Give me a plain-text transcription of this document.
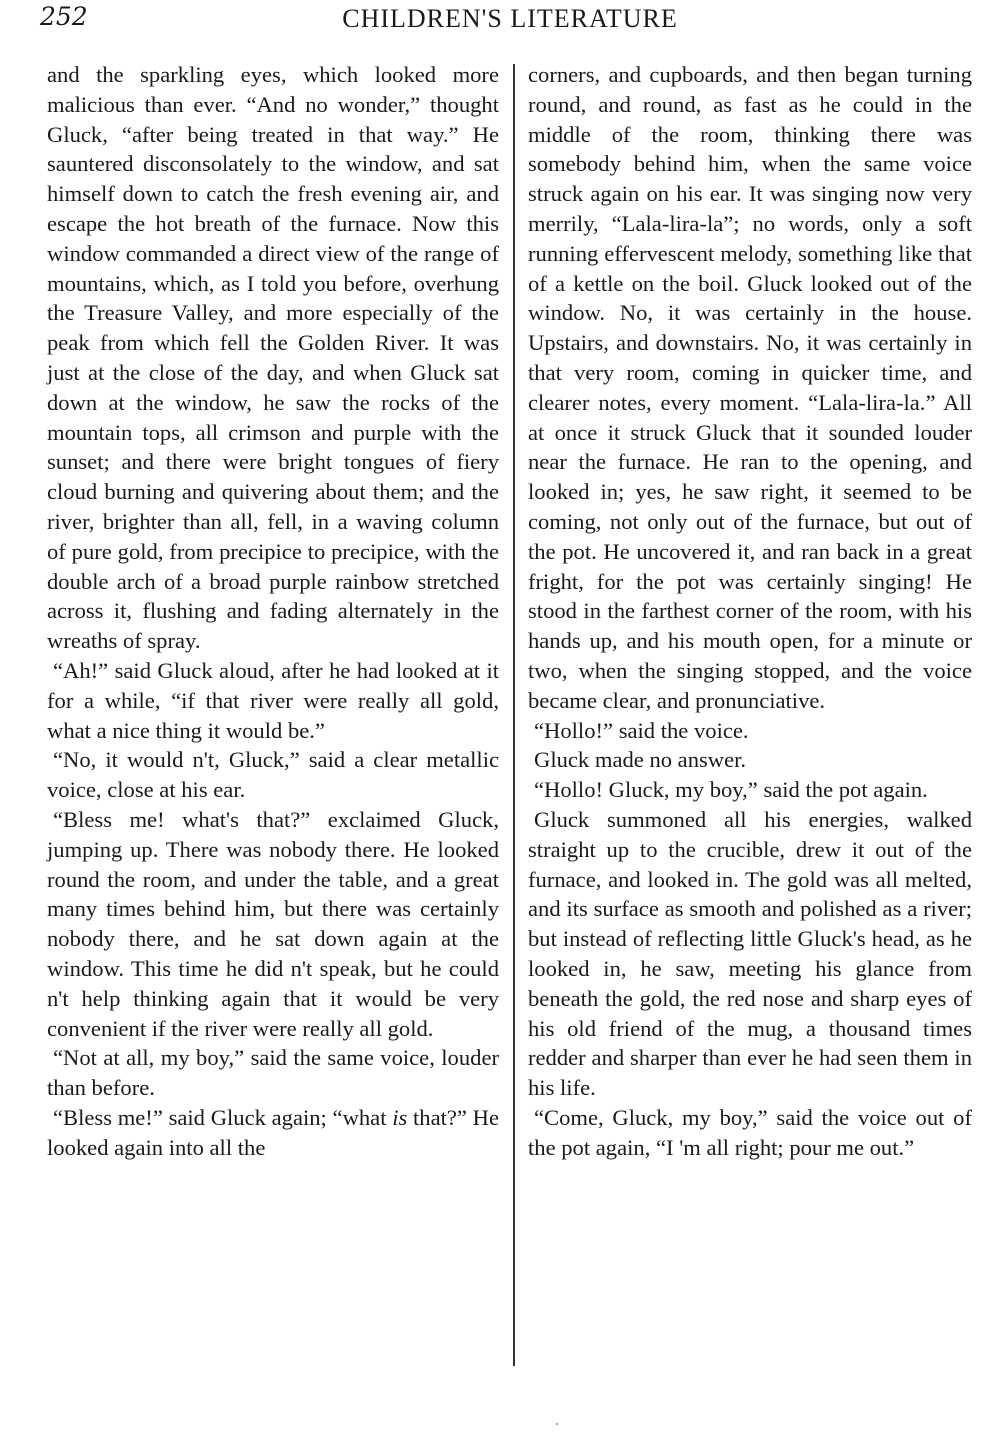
252	CHILDREN'S LITERATURE

and the sparkling eyes, which looked more malicious than ever. “And no wonder,” thought Gluck, “after being treated in that way.” He sauntered disconsolately to the window, and sat himself down to catch the fresh evening air, and escape the hot breath of the furnace. Now this window commanded a direct view of the range of mountains, which, as I told you before, overhung the Treasure Valley, and more especially of the peak from which fell the Golden River. It was just at the close of the day, and when Gluck sat down at the window, he saw the rocks of the mountain tops, all crimson and purple with the sunset; and there were bright tongues of fiery cloud burning and quivering about them; and the river, brighter than all, fell, in a waving column of pure gold, from precipice to precipice, with the double arch of a broad purple rainbow stretched across it, flushing and fading alternately in the wreaths of spray.

“Ah!” said Gluck aloud, after he had looked at it for a while, “if that river were really all gold, what a nice thing it would be.”

“No, it would n't, Gluck,” said a clear metallic voice, close at his ear.

“Bless me! what's that?” exclaimed Gluck, jumping up. There was nobody there. He looked round the room, and under the table, and a great many times behind him, but there was certainly nobody there, and he sat down again at the window. This time he did n't speak, but he could n't help thinking again that it would be very convenient if the river were really all gold.

“Not at all, my boy,” said the same voice, louder than before.

“Bless me!” said Gluck again; “what is that?” He looked again into all the

corners, and cupboards, and then began turning round, and round, as fast as he could in the middle of the room, thinking there was somebody behind him, when the same voice struck again on his ear. It was singing now very merrily, “Lala-lira-la”; no words, only a soft running effervescent melody, something like that of a kettle on the boil. Gluck looked out of the window. No, it was certainly in the house. Upstairs, and downstairs. No, it was certainly in that very room, coming in quicker time, and clearer notes, every moment. “Lala-lira-la.” All at once it struck Gluck that it sounded louder near the furnace. He ran to the opening, and looked in; yes, he saw right, it seemed to be coming, not only out of the furnace, but out of the pot. He uncovered it, and ran back in a great fright, for the pot was certainly singing! He stood in the farthest corner of the room, with his hands up, and his mouth open, for a minute or two, when the singing stopped, and the voice became clear, and pronunciative.

“Hollo!” said the voice.

Gluck made no answer.

“Hollo! Gluck, my boy,” said the pot again.

Gluck summoned all his energies, walked straight up to the crucible, drew it out of the furnace, and looked in. The gold was all melted, and its surface as smooth and polished as a river; but instead of reflecting little Gluck's head, as he looked in, he saw, meeting his glance from beneath the gold, the red nose and sharp eyes of his old friend of the mug, a thousand times redder and sharper than ever he had seen them in his life.

“Come, Gluck, my boy,” said the voice out of the pot again, “I 'm all right; pour me out.”
